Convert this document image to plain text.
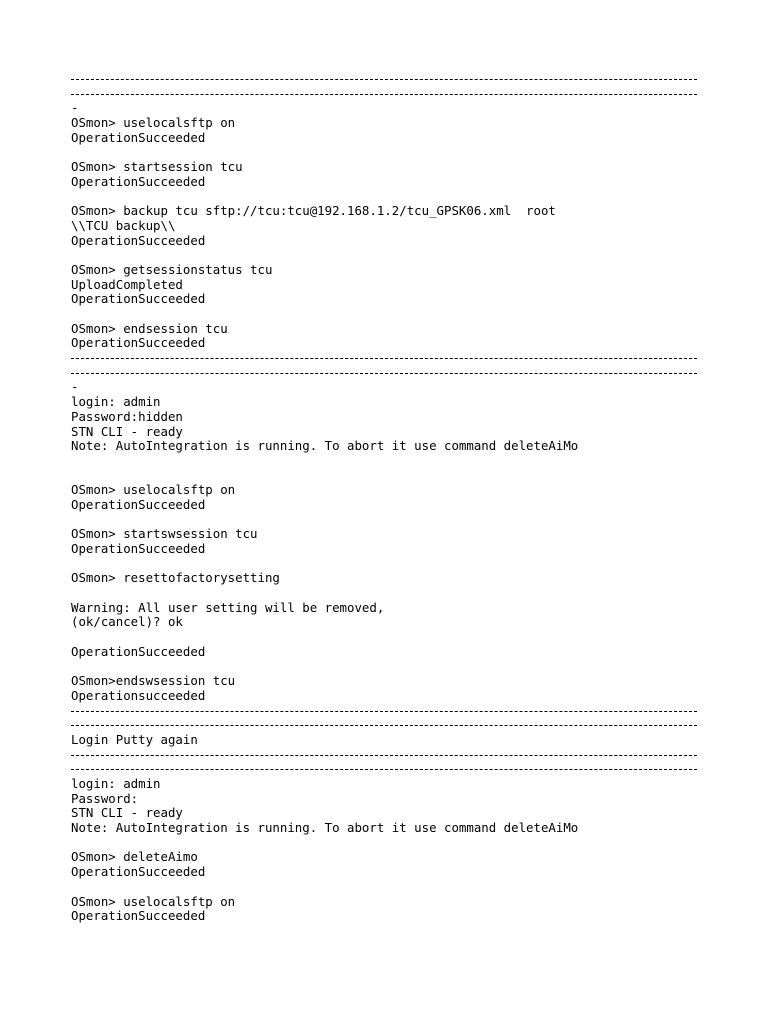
-
OSmon> uselocalsftp on
OperationSucceeded
OSmon> startsession tcu
OperationSucceeded
OSmon> backup tcu sftp://tcu:tcu@192.168.1.2/tcu_GPSK06.xml  root
\\TCU backup\\
OperationSucceeded
OSmon> getsessionstatus tcu
UploadCompleted
OperationSucceeded
OSmon> endsession tcu
OperationSucceeded
-
login: admin
Password:hidden
STN CLI - ready
Note: AutoIntegration is running. To abort it use command deleteAiMo
OSmon> uselocalsftp on
OperationSucceeded
OSmon> startswsession tcu
OperationSucceeded
OSmon> resettofactorysetting
Warning: All user setting will be removed,
(ok/cancel)? ok
OperationSucceeded
OSmon>endswsession tcu
Operationsucceeded
Login Putty again
login: admin
Password:
STN CLI - ready
Note: AutoIntegration is running. To abort it use command deleteAiMo
OSmon> deleteAimo
OperationSucceeded
OSmon> uselocalsftp on
OperationSucceeded
